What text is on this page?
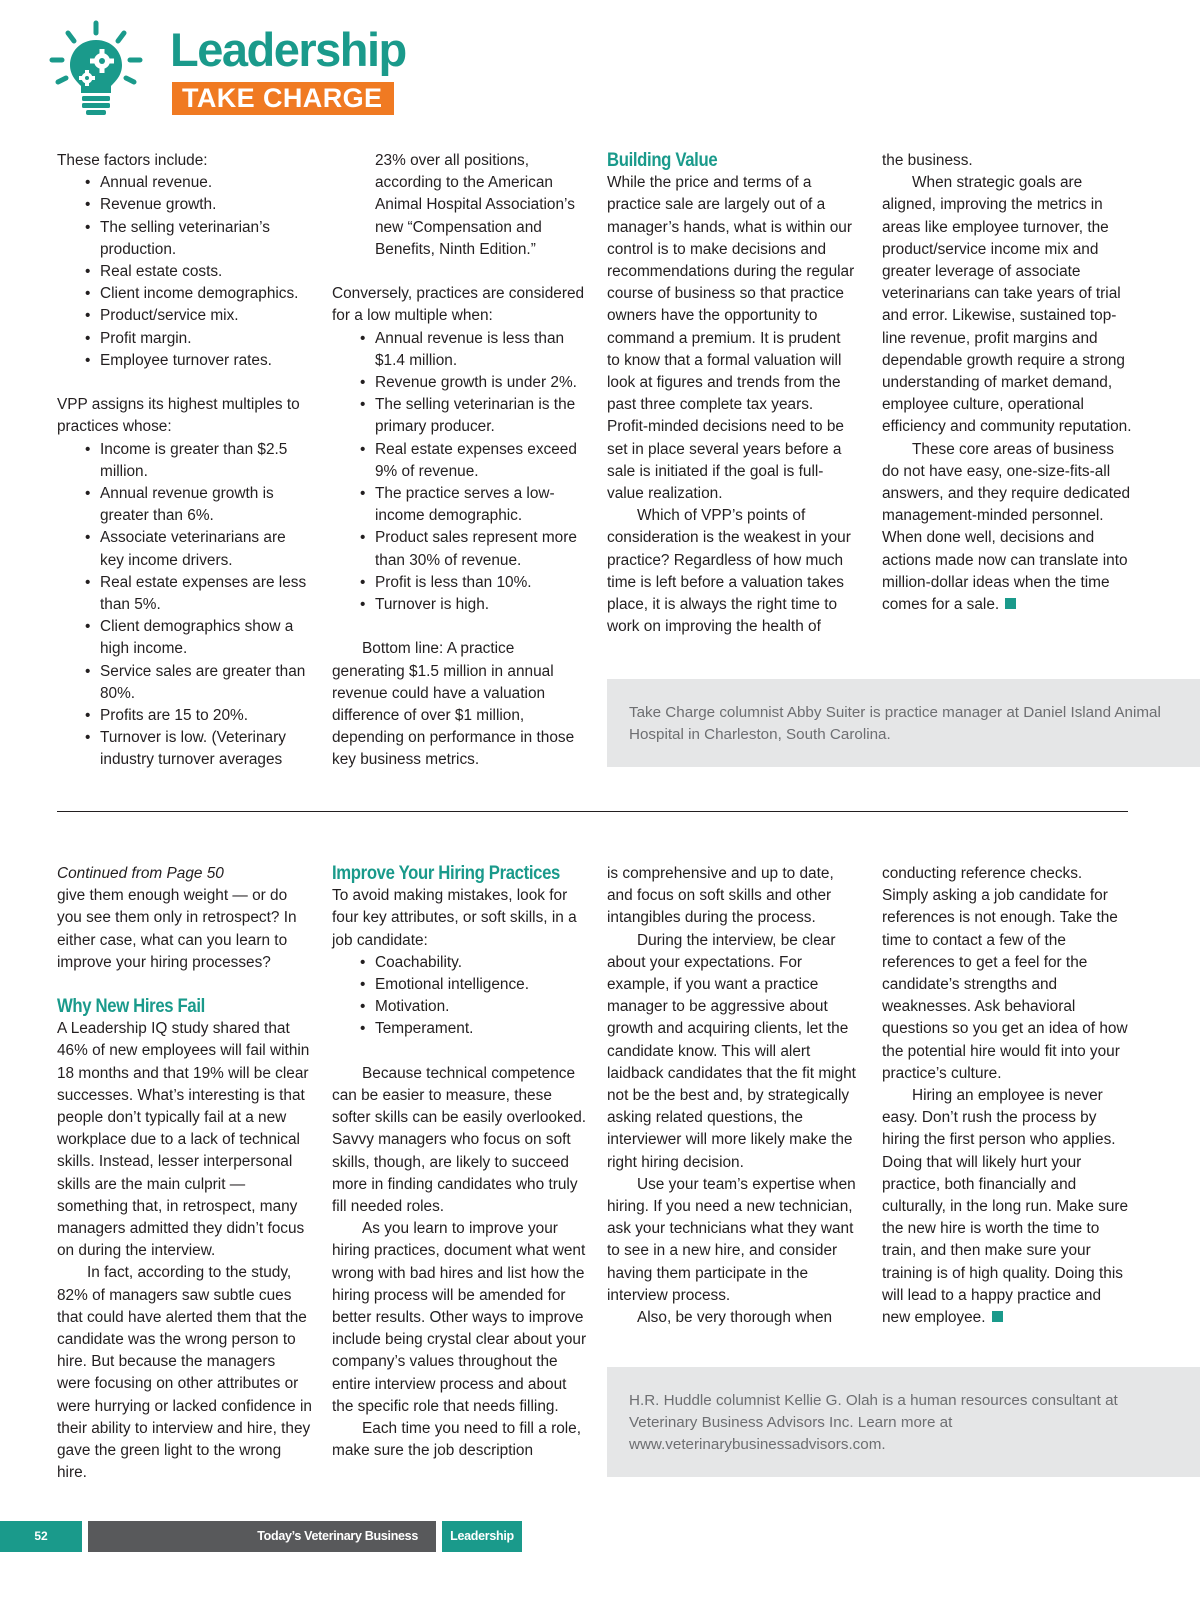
Leadership
TAKE CHARGE

These factors include:

• Annual revenue.
• Revenue growth.
• The selling veterinarian’s production.
• Real estate costs.
• Client income demographics.
• Product/service mix.
• Profit margin.
• Employee turnover rates.

VPP assigns its highest multiples to practices whose:

• Income is greater than $2.5 million.
• Annual revenue growth is greater than 6%.
• Associate veterinarians are key income drivers.
• Real estate expenses are less than 5%.
• Client demographics show a high income.
• Service sales are greater than 80%.
• Profits are 15 to 20%.
• Turnover is low. (Veterinary industry turnover averages

23% over all positions, according to the American Animal Hospital Association’s new “Compensation and Benefits, Ninth Edition.”

Conversely, practices are considered for a low multiple when:

• Annual revenue is less than $1.4 million.
• Revenue growth is under 2%.
• The selling veterinarian is the primary producer.
• Real estate expenses exceed 9% of revenue.
• The practice serves a low-income demographic.
• Product sales represent more than 30% of revenue.
• Profit is less than 10%.
• Turnover is high.

Bottom line: A practice generating $1.5 million in annual revenue could have a valuation difference of over $1 million, depending on performance in those key business metrics.

Building Value

While the price and terms of a practice sale are largely out of a manager’s hands, what is within our control is to make decisions and recommendations during the regular course of business so that practice owners have the opportunity to command a premium. It is prudent to know that a formal valuation will look at figures and trends from the past three complete tax years. Profit-minded decisions need to be set in place several years before a sale is initiated if the goal is full-value realization.

Which of VPP’s points of consideration is the weakest in your practice? Regardless of how much time is left before a valuation takes place, it is always the right time to work on improving the health of

the business.

When strategic goals are aligned, improving the metrics in areas like employee turnover, the product/service income mix and greater leverage of associate veterinarians can take years of trial and error. Likewise, sustained top-line revenue, profit margins and dependable growth require a strong understanding of market demand, employee culture, operational efficiency and community reputation.

These core areas of business do not have easy, one-size-fits-all answers, and they require dedicated management-minded personnel. When done well, decisions and actions made now can translate into million-dollar ideas when the time comes for a sale.

Take Charge columnist Abby Suiter is practice manager at Daniel Island Animal Hospital in Charleston, South Carolina.

Continued from Page 50

give them enough weight — or do you see them only in retrospect? In either case, what can you learn to improve your hiring processes?

Why New Hires Fail

A Leadership IQ study shared that 46% of new employees will fail within 18 months and that 19% will be clear successes. What’s interesting is that people don’t typically fail at a new workplace due to a lack of technical skills. Instead, lesser interpersonal skills are the main culprit — something that, in retrospect, many managers admitted they didn’t focus on during the interview.

In fact, according to the study, 82% of managers saw subtle cues that could have alerted them that the candidate was the wrong person to hire. But because the managers were focusing on other attributes or were hurrying or lacked confidence in their ability to interview and hire, they gave the green light to the wrong hire.

Improve Your Hiring Practices

To avoid making mistakes, look for four key attributes, or soft skills, in a job candidate:

• Coachability.
• Emotional intelligence.
• Motivation.
• Temperament.

Because technical competence can be easier to measure, these softer skills can be easily overlooked. Savvy managers who focus on soft skills, though, are likely to succeed more in finding candidates who truly fill needed roles.

As you learn to improve your hiring practices, document what went wrong with bad hires and list how the hiring process will be amended for better results. Other ways to improve include being crystal clear about your company’s values throughout the entire interview process and about the specific role that needs filling.

Each time you need to fill a role, make sure the job description

is comprehensive and up to date, and focus on soft skills and other intangibles during the process.

During the interview, be clear about your expectations. For example, if you want a practice manager to be aggressive about growth and acquiring clients, let the candidate know. This will alert laidback candidates that the fit might not be the best and, by strategically asking related questions, the interviewer will more likely make the right hiring decision.

Use your team’s expertise when hiring. If you need a new technician, ask your technicians what they want to see in a new hire, and consider having them participate in the interview process.

Also, be very thorough when

conducting reference checks. Simply asking a job candidate for references is not enough. Take the time to contact a few of the references to get a feel for the candidate’s strengths and weaknesses. Ask behavioral questions so you get an idea of how the potential hire would fit into your practice’s culture.

Hiring an employee is never easy. Don’t rush the process by hiring the first person who applies. Doing that will likely hurt your practice, both financially and culturally, in the long run. Make sure the new hire is worth the time to train, and then make sure your training is of high quality. Doing this will lead to a happy practice and new employee.

H.R. Huddle columnist Kellie G. Olah is a human resources consultant at Veterinary Business Advisors Inc. Learn more at www.veterinarybusinessadvisors.com.
52	Today’s Veterinary Business	Leadership
